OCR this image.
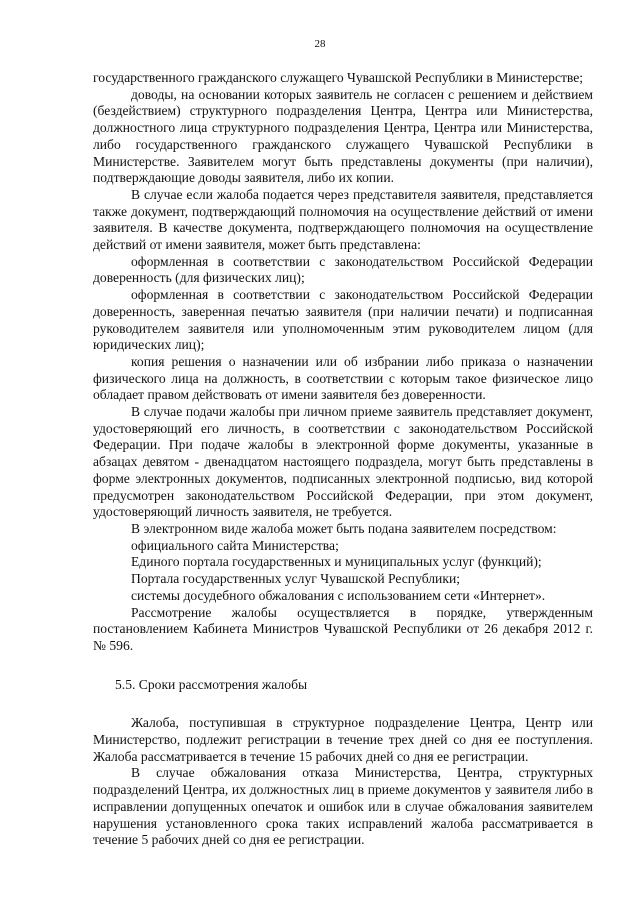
28

государственного гражданского служащего Чувашской Республики в Министерстве;

доводы, на основании которых заявитель не согласен с решением и действием (бездействием) структурного подразделения Центра, Центра или Министерства, должностного лица структурного подразделения Центра, Центра или Министерства, либо государственного гражданского служащего Чувашской Республики в Министерстве. Заявителем могут быть представлены документы (при наличии), подтверждающие доводы заявителя, либо их копии.

В случае если жалоба подается через представителя заявителя, представляется также документ, подтверждающий полномочия на осуществление действий от имени заявителя. В качестве документа, подтверждающего полномочия на осуществление действий от имени заявителя, может быть представлена:

оформленная в соответствии с законодательством Российской Федерации доверенность (для физических лиц);

оформленная в соответствии с законодательством Российской Федерации доверенность, заверенная печатью заявителя (при наличии печати) и подписанная руководителем заявителя или уполномоченным этим руководителем лицом (для юридических лиц);

копия решения о назначении или об избрании либо приказа о назначении физического лица на должность, в соответствии с которым такое физическое лицо обладает правом действовать от имени заявителя без доверенности.

В случае подачи жалобы при личном приеме заявитель представляет документ, удостоверяющий его личность, в соответствии с законодательством Российской Федерации. При подаче жалобы в электронной форме документы, указанные в абзацах девятом - двенадцатом настоящего подраздела, могут быть представлены в форме электронных документов, подписанных электронной подписью, вид которой предусмотрен законодательством Российской Федерации, при этом документ, удостоверяющий личность заявителя, не требуется.

В электронном виде жалоба может быть подана заявителем посредством:

официального сайта Министерства;

Единого портала государственных и муниципальных услуг (функций);

Портала государственных услуг Чувашской Республики;

системы досудебного обжалования с использованием сети «Интернет».

Рассмотрение жалобы осуществляется в порядке, утвержденным постановлением Кабинета Министров Чувашской Республики от 26 декабря 2012 г. № 596.

5.5. Сроки рассмотрения жалобы

Жалоба, поступившая в структурное подразделение Центра, Центр или Министерство, подлежит регистрации в течение трех дней со дня ее поступления. Жалоба рассматривается в течение 15 рабочих дней со дня ее регистрации.

В случае обжалования отказа Министерства, Центра, структурных подразделений Центра, их должностных лиц в приеме документов у заявителя либо в исправлении допущенных опечаток и ошибок или в случае обжалования заявителем нарушения установленного срока таких исправлений жалоба рассматривается в течение 5 рабочих дней со дня ее регистрации.
